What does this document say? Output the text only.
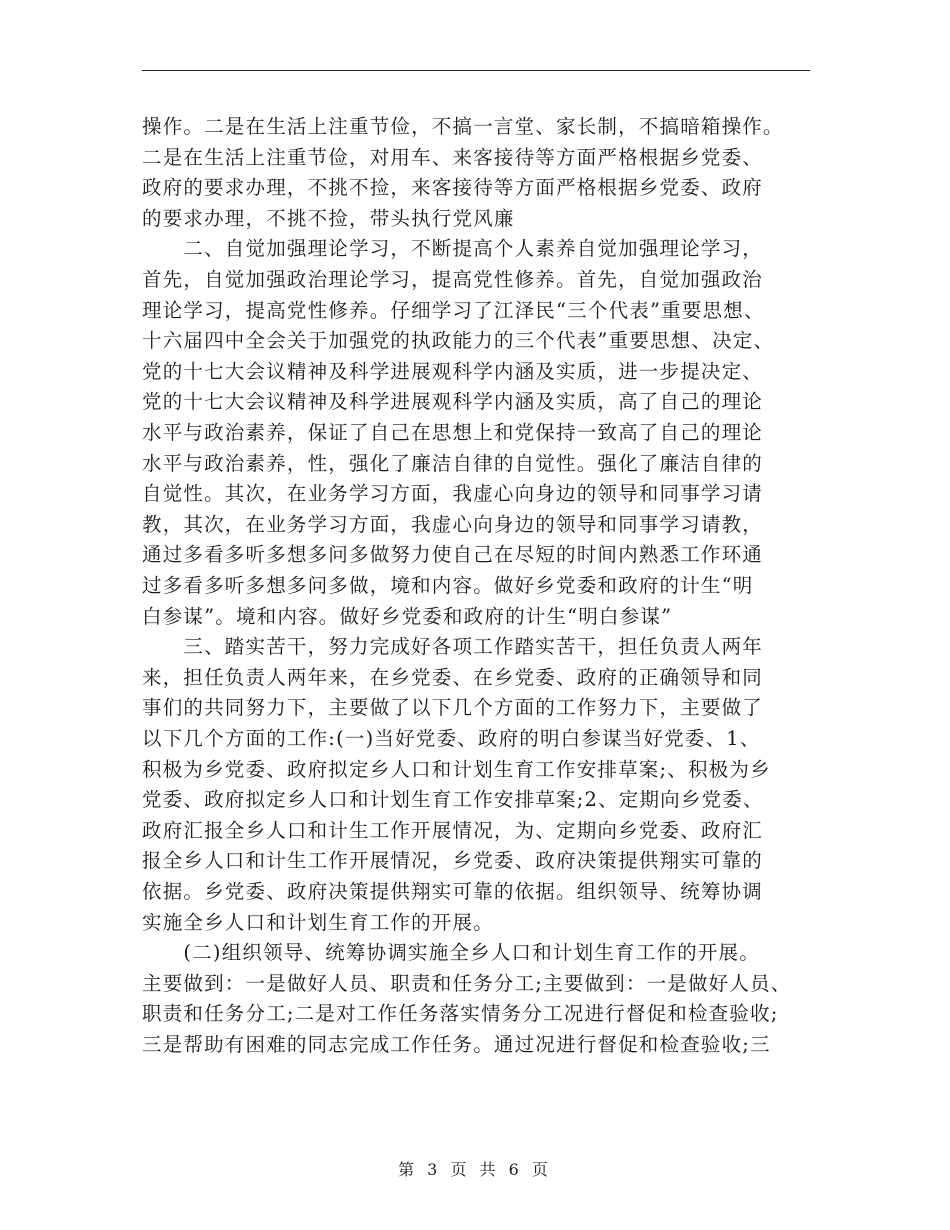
操作。二是在生活上注重节俭，不搞一言堂、家长制，不搞暗箱操作。
二是在生活上注重节俭，对用车、来客接待等方面严格根据乡党委、
政府的要求办理，不挑不捡，来客接待等方面严格根据乡党委、政府
的要求办理，不挑不捡，带头执行党风廉
　　二、自觉加强理论学习，不断提高个人素养自觉加强理论学习，
首先，自觉加强政治理论学习，提高党性修养。首先，自觉加强政治
理论学习，提高党性修养。仔细学习了江泽民“三个代表”重要思想、
十六届四中全会关于加强党的执政能力的三个代表”重要思想、决定、
党的十七大会议精神及科学进展观科学内涵及实质，进一步提决定、
党的十七大会议精神及科学进展观科学内涵及实质，高了自己的理论
水平与政治素养，保证了自己在思想上和党保持一致高了自己的理论
水平与政治素养，性，强化了廉洁自律的自觉性。强化了廉洁自律的
自觉性。其次，在业务学习方面，我虚心向身边的领导和同事学习请
教，其次，在业务学习方面，我虚心向身边的领导和同事学习请教，
通过多看多听多想多问多做努力使自己在尽短的时间内熟悉工作环通
过多看多听多想多问多做，境和内容。做好乡党委和政府的计生“明
白参谋”。境和内容。做好乡党委和政府的计生“明白参谋”
　　三、踏实苦干，努力完成好各项工作踏实苦干，担任负责人两年
来，担任负责人两年来，在乡党委、在乡党委、政府的正确领导和同
事们的共同努力下，主要做了以下几个方面的工作努力下，主要做了
以下几个方面的工作:(一)当好党委、政府的明白参谋当好党委、1、
积极为乡党委、政府拟定乡人口和计划生育工作安排草案;、积极为乡
党委、政府拟定乡人口和计划生育工作安排草案;2、定期向乡党委、
政府汇报全乡人口和计生工作开展情况，为、定期向乡党委、政府汇
报全乡人口和计生工作开展情况，乡党委、政府决策提供翔实可靠的
依据。乡党委、政府决策提供翔实可靠的依据。组织领导、统筹协调
实施全乡人口和计划生育工作的开展。
　　(二)组织领导、统筹协调实施全乡人口和计划生育工作的开展。
主要做到：一是做好人员、职责和任务分工;主要做到：一是做好人员、
职责和任务分工;二是对工作任务落实情务分工况进行督促和检查验收;
三是帮助有困难的同志完成工作任务。通过况进行督促和检查验收;三
第 3 页 共 6 页
